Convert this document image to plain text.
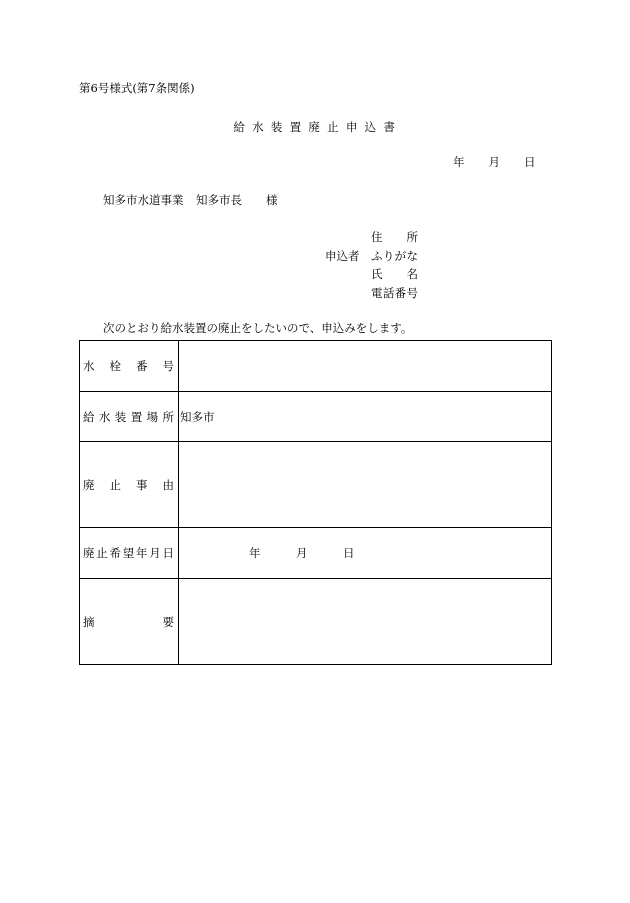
第6号様式(第7条関係)
給 水 装 置 廃 止 申 込 書
年 月 日
知多市水道事業 知多市長 様
申込者
住所
ふりがな
氏名
電話番号
次のとおり給水装置の廃止をしたいので、申込みをします。
水栓番号
給水装置場所 知多市
廃止事由
廃止希望年月日	年	月	日
摘要
